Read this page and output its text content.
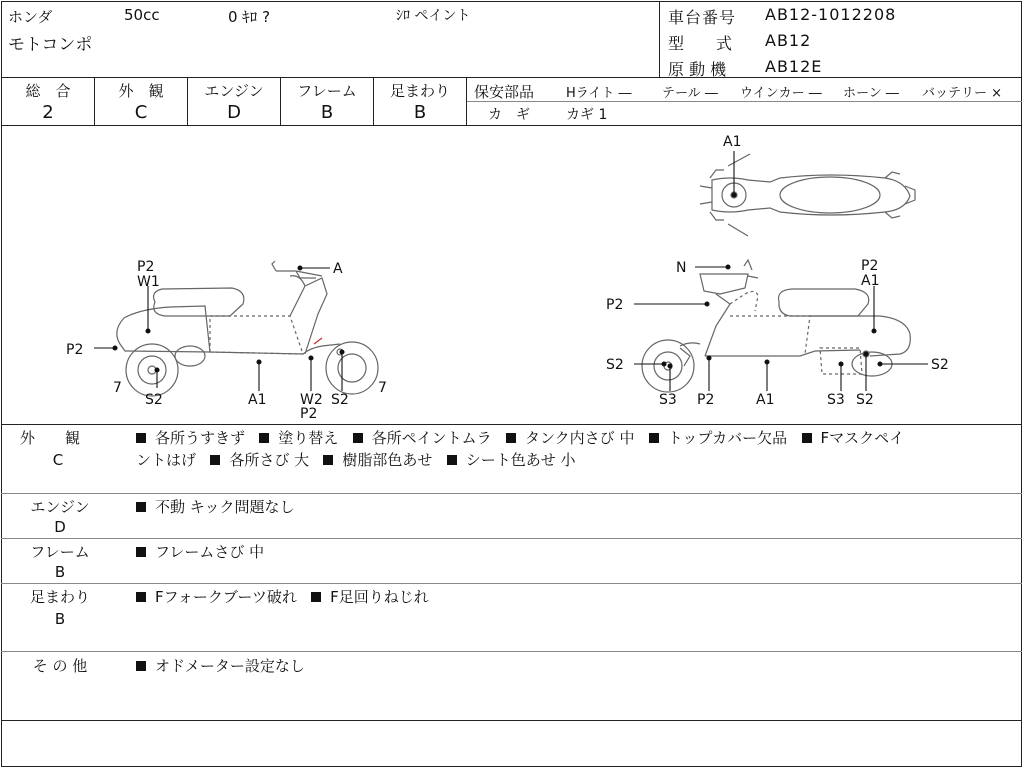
ホンダ	50cc	0 ｷﾛ ?	ｼﾛ ペイント
モトコンポ
車台番号 AB12-1012208
型　　式 AB12
原 動 機 AB12E
総　合
2
外　観
C
エンジン
D
フレーム
B
足まわり
B
保安部品 Hライト ― テール ― ウインカー ― ホーン ― バッテリー ×
カ　ギ	カギ 1
P2
W1
A
P2
7
S2	A1 W2
P2
S2
7
A1
N	P2
A1
P2
S2	S2
S3 P2	A1	S3 S2
外　　観
C
各所うすきず 塗り替え 各所ペイントムラ タンク内さび 中 トップカバー欠品 Fマスクペイ
ントはげ 各所さび 大 樹脂部色あせ シート色あせ 小
エンジン
D
不動 キック問題なし
フレーム
B
フレームさび 中
足まわり
B
Fフォークブーツ破れ F足回りねじれ
そ の 他	オドメーター設定なし
